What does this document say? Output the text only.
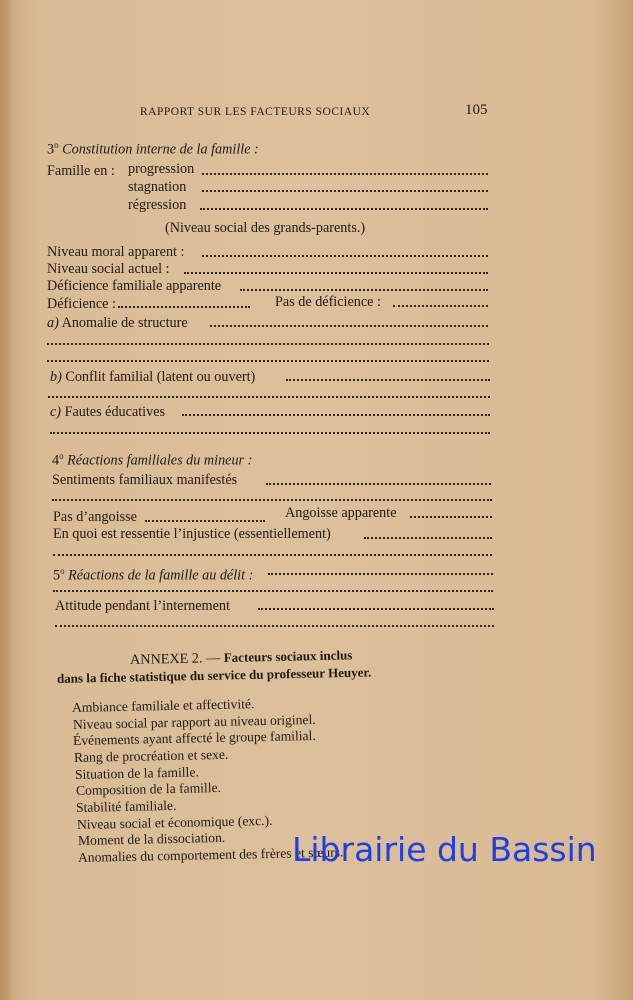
RAPPORT SUR LES FACTEURS SOCIAUX	105
3$^o$ Constitution interne de la famille :
Famille en : progression
stagnation
régression
(Niveau social des grands-parents.)
Niveau moral apparent :
Niveau social actuel :
Déficience familiale apparente
Déficience :	Pas de déficience :
a) Anomalie de structure
b) Conflit familial (latent ou ouvert)
c) Fautes éducatives
4$^o$ Réactions familiales du mineur :
Sentiments familiaux manifestés
Pas d’angoisse	Angoisse apparente
En quoi est ressentie l’injustice (essentiellement)
5$^o$ Réactions de la famille au délit :
Attitude pendant l’internement
ANNEXE 2. — Facteurs sociaux inclus
dans la fiche statistique du service du professeur Heuyer.
Ambiance familiale et affectivité.
Niveau social par rapport au niveau originel.
Événements ayant affecté le groupe familial.
Rang de procréation et sexe.
Situation de la famille.
Composition de la famille.
Stabilité familiale.
Niveau social et économique (exc.).
Moment de la dissociation.
Anomalies du comportement des frères et sœurs.
Librairie du Bassin
